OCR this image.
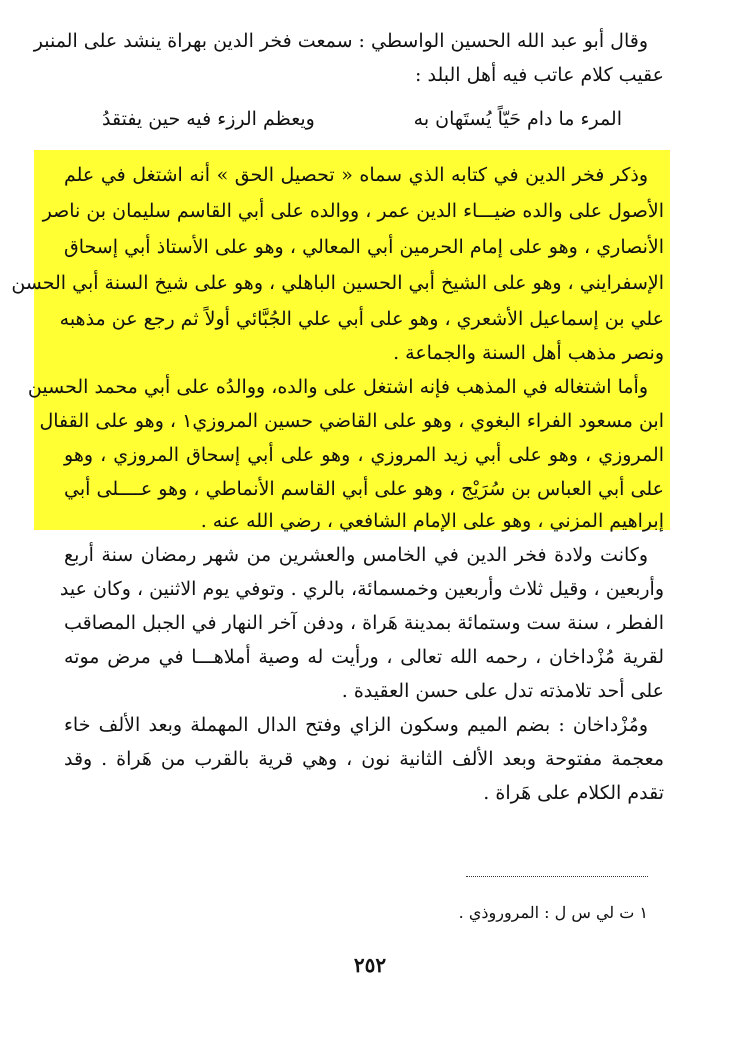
وقال أبو عبد الله الحسين الواسطي : سمعت فخر الدين بهراة ينشد على المنبر
عقيب كلام عاتب فيه أهل البلد :
المرء ما دام حَيّاً يُستَهان به
ويعظم الرزء فيه حين يفتقدُ
وذكر فخر الدين في كتابه الذي سماه « تحصيل الحق » أنه اشتغل في علم
الأصول على والده ضيـــاء الدين عمر ، ووالده على أبي القاسم سليمان بن ناصر
الأنصاري ، وهو على إمام الحرمين أبي المعالي ، وهو على الأستاذ أبي إسحاق
الإسفرايني ، وهو على الشيخ أبي الحسين الباهلي ، وهو على شيخ السنة أبي الحسن
علي بن إسماعيل الأشعري ، وهو على أبي علي الجُبَّائي أولاً ثم رجع عن مذهبه
ونصر مذهب أهل السنة والجماعة .
وأما اشتغاله في المذهب فإنه اشتغل على والده، ووالدُه على أبي محمد الحسين
ابن مسعود الفراء البغوي ، وهو على القاضي حسين المروزي١ ، وهو على القفال
المروزي ، وهو على أبي زيد المروزي ، وهو على أبي إسحاق المروزي ، وهو
على أبي العباس بن سُرَيْج ، وهو على أبي القاسم الأنماطي ، وهو عــــلى أبي
إبراهيم المزني ، وهو على الإمام الشافعي ، رضي الله عنه .
وكانت ولادة فخر الدين في الخامس والعشرين من شهر رمضان سنة أربع
وأربعين ، وقيل ثلاث وأربعين وخمسمائة، بالري . وتوفي يوم الاثنين ، وكان عيد
الفطر ، سنة ست وستمائة بمدينة هَراة ، ودفن آخر النهار في الجبل المصاقب
لقرية مُزْداخان ، رحمه الله تعالى ، ورأيت له وصية أملاهـــا في مرض موته
على أحد تلامذته تدل على حسن العقيدة .
ومُزْداخان : بضم الميم وسكون الزاي وفتح الدال المهملة وبعد الألف خاء
معجمة مفتوحة وبعد الألف الثانية نون ، وهي قرية بالقرب من هَراة . وقد
تقدم الكلام على هَراة .
١ ت لي س ل : المروروذي .
٢٥٢
